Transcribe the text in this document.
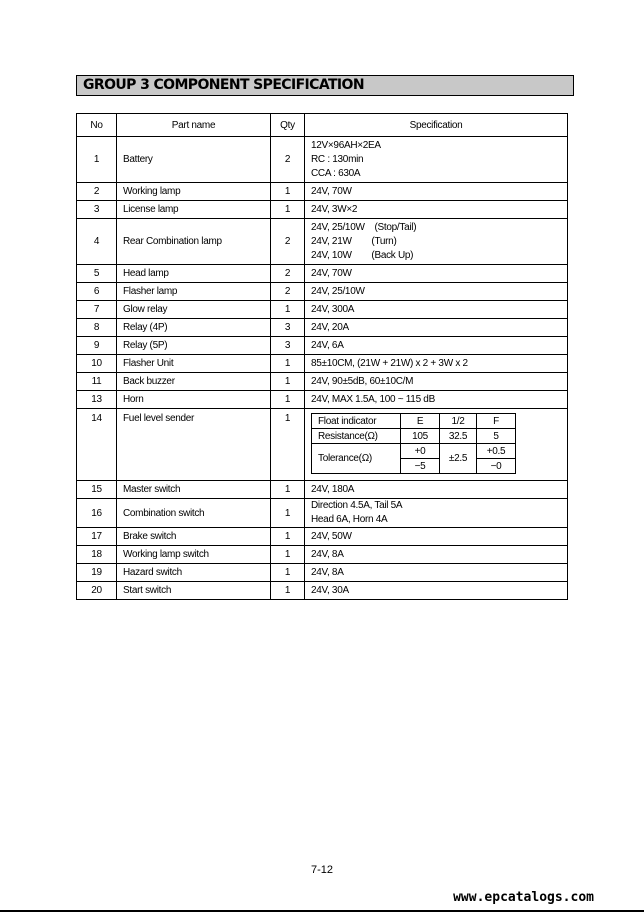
GROUP 3 COMPONENT SPECIFICATION
No	Part name	Qty	Specification
1	Battery	2	
12V×96AH×2EA
RC : 130min
CCA : 630A

2	Working lamp	1	24V, 70W

3	License lamp	1	24V, 3W×2

4	Rear Combination lamp	2	
24V, 25/10W    (Stop/Tail)
24V, 21W        (Turn)
24V, 10W        (Back Up)

5	Head lamp	2	24V, 70W

6	Flasher lamp	2	24V, 25/10W

7	Glow relay	1	24V, 300A

8	Relay (4P)	3	24V, 20A

9	Relay (5P)	3	24V, 6A

10	Flasher Unit	1	85±10CM, (21W + 21W) x 2 + 3W x 2

11	Back buzzer	1	24V, 90±5dB, 60±10C/M

13	Horn	1	24V, MAX 1.5A, 100 ~ 115 dB

14	Fuel level sender	1		Float indicator	E	1/2	F
Resistance(Ω)	105	32.5	5
Tolerance(Ω)	+0	±2.5	+0.5
−5	−0

15	Master switch	1	24V, 180A

16	Combination switch	1	
Direction 4.5A, Tail 5A
Head 6A, Horn 4A

17	Brake switch	1	24V, 50W

18	Working lamp switch	1	24V, 8A

19	Hazard switch	1	24V, 8A

20	Start switch	1	24V, 30A
7-12
www.epcatalogs.com
